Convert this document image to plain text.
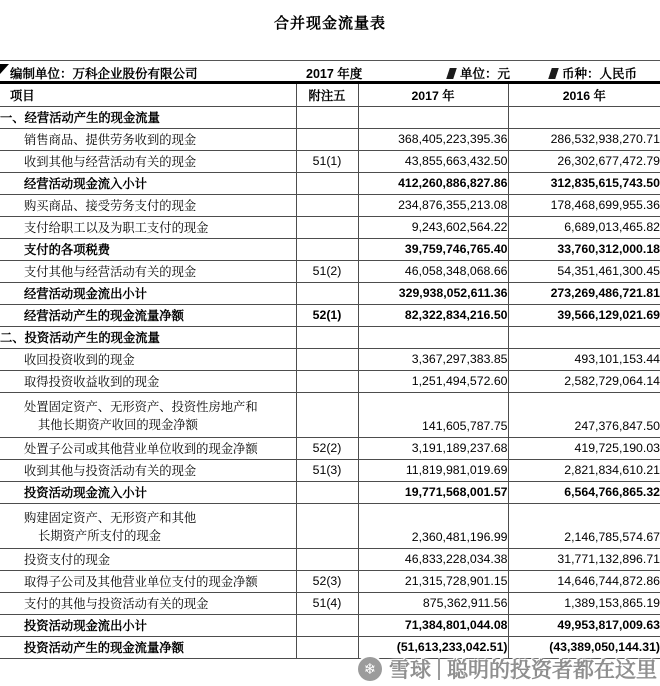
合并现金流量表
编制单位：万科企业股份有限公司	2017 年度	单位：元	币种：人民币
项目	附注五	2017 年	2016 年

一、经营活动产生的现金流量			

销售商品、提供劳务收到的现金		368,405,223,395.36	286,532,938,270.71

收到其他与经营活动有关的现金	51(1)	43,855,663,432.50	26,302,677,472.79

经营活动现金流入小计		412,260,886,827.86	312,835,615,743.50

购买商品、接受劳务支付的现金		234,876,355,213.08	178,468,699,955.36

支付给职工以及为职工支付的现金		9,243,602,564.22	6,689,013,465.82

支付的各项税费		39,759,746,765.40	33,760,312,000.18

支付其他与经营活动有关的现金	51(2)	46,058,348,068.66	54,351,461,300.45

经营活动现金流出小计		329,938,052,611.36	273,269,486,721.81

经营活动产生的现金流量净额	52(1)	82,322,834,216.50	39,566,129,021.69

二、投资活动产生的现金流量			

收回投资收到的现金		3,367,297,383.85	493,101,153.44

取得投资收益收到的现金		1,251,494,572.60	2,582,729,064.14

处置固定资产、无形资产、投资性房地产和
其他长期资产收回的现金净额		141,605,787.75	247,376,847.50

处置子公司或其他营业单位收到的现金净额	52(2)	3,191,189,237.68	419,725,190.03

收到其他与投资活动有关的现金	51(3)	11,819,981,019.69	2,821,834,610.21

投资活动现金流入小计		19,771,568,001.57	6,564,766,865.32

购建固定资产、无形资产和其他
长期资产所支付的现金		2,360,481,196.99	2,146,785,574.67

投资支付的现金		46,833,228,034.38	31,771,132,896.71

取得子公司及其他营业单位支付的现金净额	52(3)	21,315,728,901.15	14,646,744,872.86

支付的其他与投资活动有关的现金	51(4)	875,362,911.56	1,389,153,865.19

投资活动现金流出小计		71,384,801,044.08	49,953,817,009.63

投资活动产生的现金流量净额		(51,613,233,042.51)	(43,389,050,144.31)
❄ 雪球 聪明的投资者都在这里
